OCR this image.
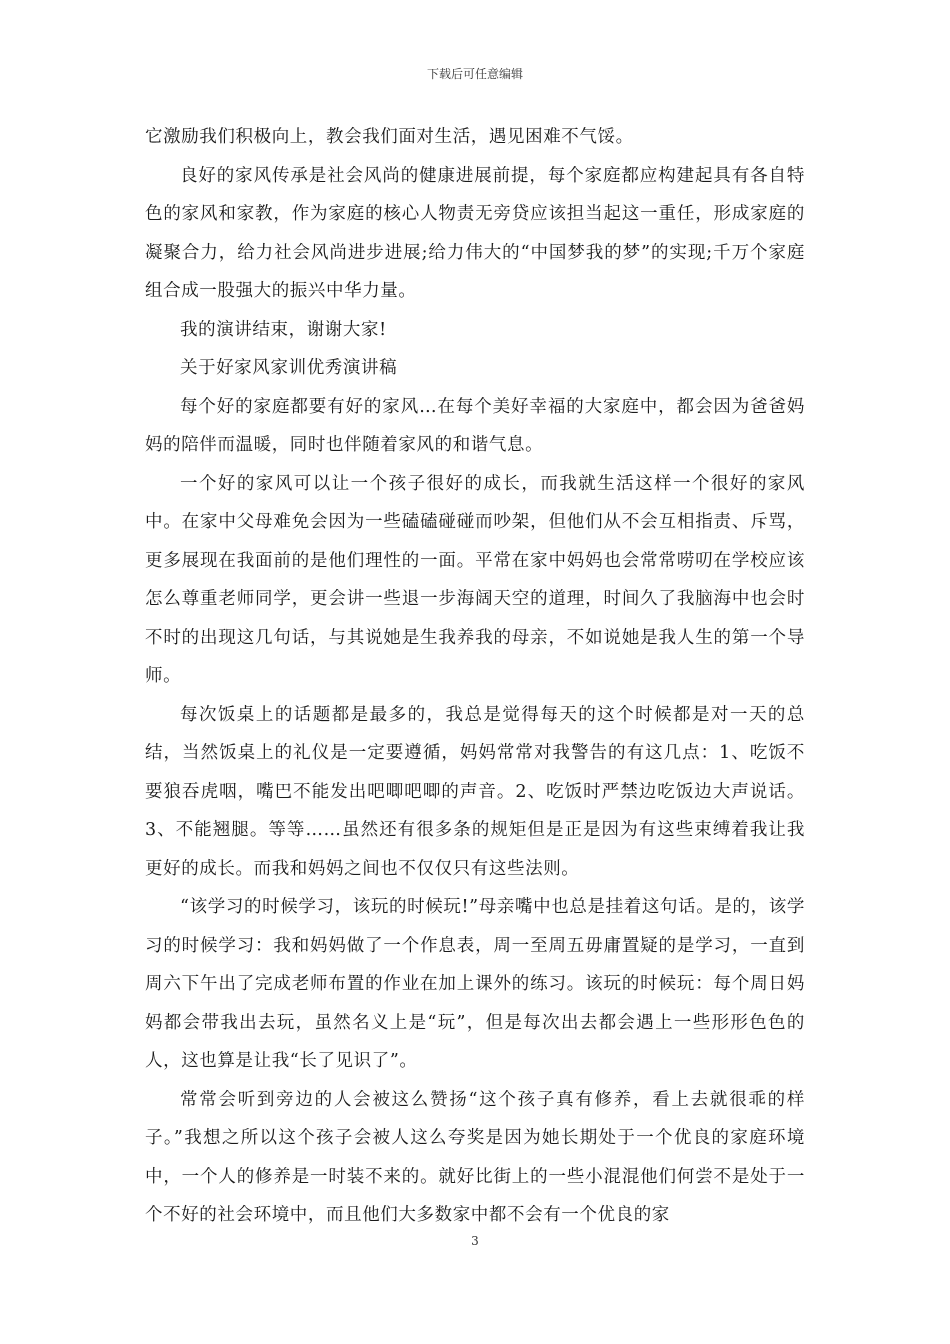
下载后可任意编辑

它激励我们积极向上，教会我们面对生活，遇见困难不气馁。

良好的家风传承是社会风尚的健康进展前提，每个家庭都应构建起具有各自特色的家风和家教，作为家庭的核心人物责无旁贷应该担当起这一重任，形成家庭的凝聚合力，给力社会风尚进步进展;给力伟大的“中国梦我的梦”的实现;千万个家庭组合成一股强大的振兴中华力量。

我的演讲结束，谢谢大家!

关于好家风家训优秀演讲稿

每个好的家庭都要有好的家风…在每个美好幸福的大家庭中，都会因为爸爸妈妈的陪伴而温暖，同时也伴随着家风的和谐气息。

一个好的家风可以让一个孩子很好的成长，而我就生活这样一个很好的家风中。在家中父母难免会因为一些磕磕碰碰而吵架，但他们从不会互相指责、斥骂，更多展现在我面前的是他们理性的一面。平常在家中妈妈也会常常唠叨在学校应该怎么尊重老师同学，更会讲一些退一步海阔天空的道理，时间久了我脑海中也会时不时的出现这几句话，与其说她是生我养我的母亲，不如说她是我人生的第一个导师。

每次饭桌上的话题都是最多的，我总是觉得每天的这个时候都是对一天的总结，当然饭桌上的礼仪是一定要遵循，妈妈常常对我警告的有这几点：1、吃饭不要狼吞虎咽，嘴巴不能发出吧唧吧唧的声音。2、吃饭时严禁边吃饭边大声说话。3、不能翘腿。等等……虽然还有很多条的规矩但是正是因为有这些束缚着我让我更好的成长。而我和妈妈之间也不仅仅只有这些法则。

“该学习的时候学习，该玩的时候玩!”母亲嘴中也总是挂着这句话。是的，该学习的时候学习：我和妈妈做了一个作息表，周一至周五毋庸置疑的是学习，一直到周六下午出了完成老师布置的作业在加上课外的练习。该玩的时候玩：每个周日妈妈都会带我出去玩，虽然名义上是“玩”，但是每次出去都会遇上一些形形色色的人，这也算是让我“长了见识了”。

常常会听到旁边的人会被这么赞扬“这个孩子真有修养，看上去就很乖的样子。”我想之所以这个孩子会被人这么夸奖是因为她长期处于一个优良的家庭环境中，一个人的修养是一时装不来的。就好比街上的一些小混混他们何尝不是处于一个不好的社会环境中，而且他们大多数家中都不会有一个优良的家

3
